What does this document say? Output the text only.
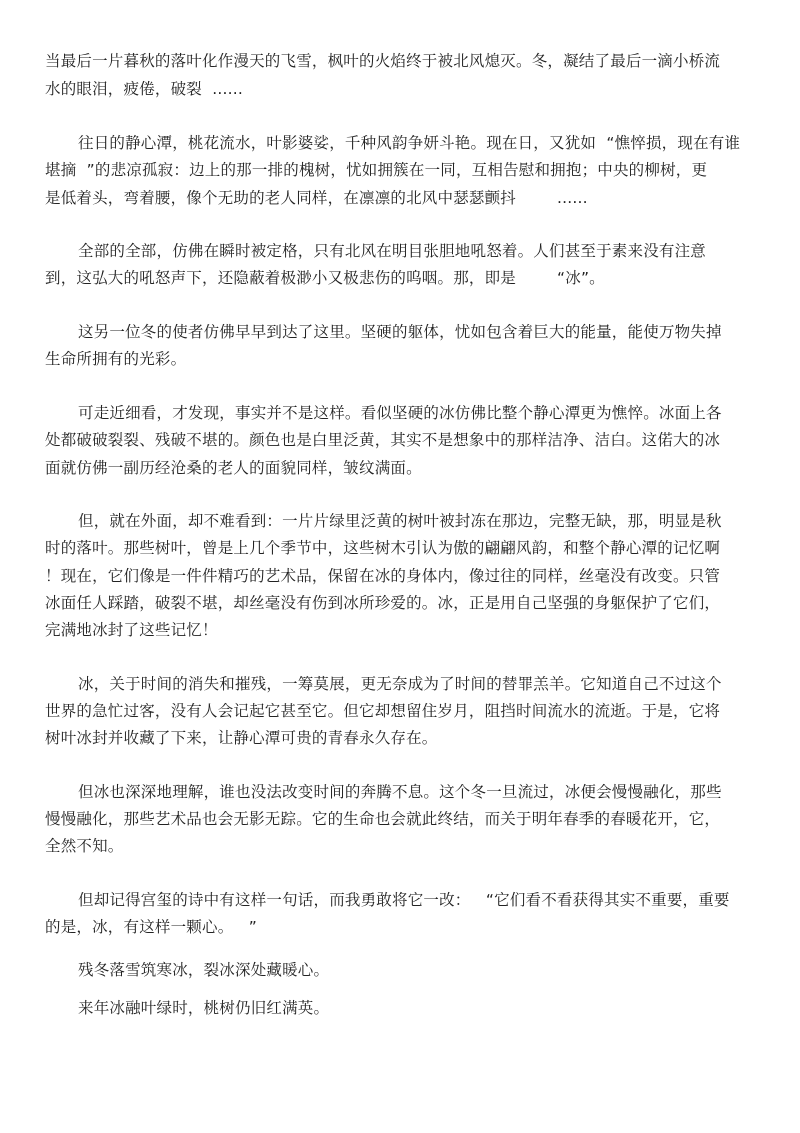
当最后一片暮秋的落叶化作漫天的飞雪，枫叶的火焰终于被北风熄灭。冬，凝结了最后一滴小桥流

水的眼泪，疲倦，破裂  ......

往日的静心潭，桃花流水，叶影婆娑，千种风韵争妍斗艳。现在日，又犹如  “憔悴损，现在有谁

堪摘  ”的悲凉孤寂：边上的那一排的槐树，忧如拥簇在一同，互相告慰和拥抱；中央的柳树，更

是低着头，弯着腰，像个无助的老人同样，在凛凛的北风中瑟瑟颤抖        ......

全部的全部，仿佛在瞬时被定格，只有北风在明目张胆地吼怒着。人们甚至于素来没有注意

到，这弘大的吼怒声下，还隐蔽着极渺小又极悲伤的呜咽。那，即是        “冰”。

这另一位冬的使者仿佛早早到达了这里。坚硬的躯体，忧如包含着巨大的能量，能使万物失掉

生命所拥有的光彩。

可走近细看，才发现，事实并不是这样。看似坚硬的冰仿佛比整个静心潭更为憔悴。冰面上各

处都破破裂裂、残破不堪的。颜色也是白里泛黄，其实不是想象中的那样洁净、洁白。这偌大的冰

面就仿佛一副历经沧桑的老人的面貌同样，皱纹满面。

但，就在外面，却不难看到：一片片绿里泛黄的树叶被封冻在那边，完整无缺，那，明显是秋

时的落叶。那些树叶，曾是上几个季节中，这些树木引认为傲的翩翩风韵，和整个静心潭的记忆啊

！现在，它们像是一件件精巧的艺术品，保留在冰的身体内，像过往的同样，丝毫没有改变。只管

冰面任人踩踏，破裂不堪，却丝毫没有伤到冰所珍爱的。冰，正是用自己坚强的身躯保护了它们，

完满地冰封了这些记忆！

冰，关于时间的消失和摧残，一筹莫展，更无奈成为了时间的替罪羔羊。它知道自己不过这个

世界的急忙过客，没有人会记起它甚至它。但它却想留住岁月，阻挡时间流水的流逝。于是，它将

树叶冰封并收藏了下来，让静心潭可贵的青春永久存在。

但冰也深深地理解，谁也没法改变时间的奔腾不息。这个冬一旦流过，冰便会慢慢融化，那些

慢慢融化，那些艺术品也会无影无踪。它的生命也会就此终结，而关于明年春季的春暖花开，它，

全然不知。

但却记得宫玺的诗中有这样一句话，而我勇敢将它一改：   “它们看不看获得其实不重要，重要

的是，冰，有这样一颗心。   ”

残冬落雪筑寒冰，裂冰深处藏暖心。

来年冰融叶绿时，桃树仍旧红满英。
